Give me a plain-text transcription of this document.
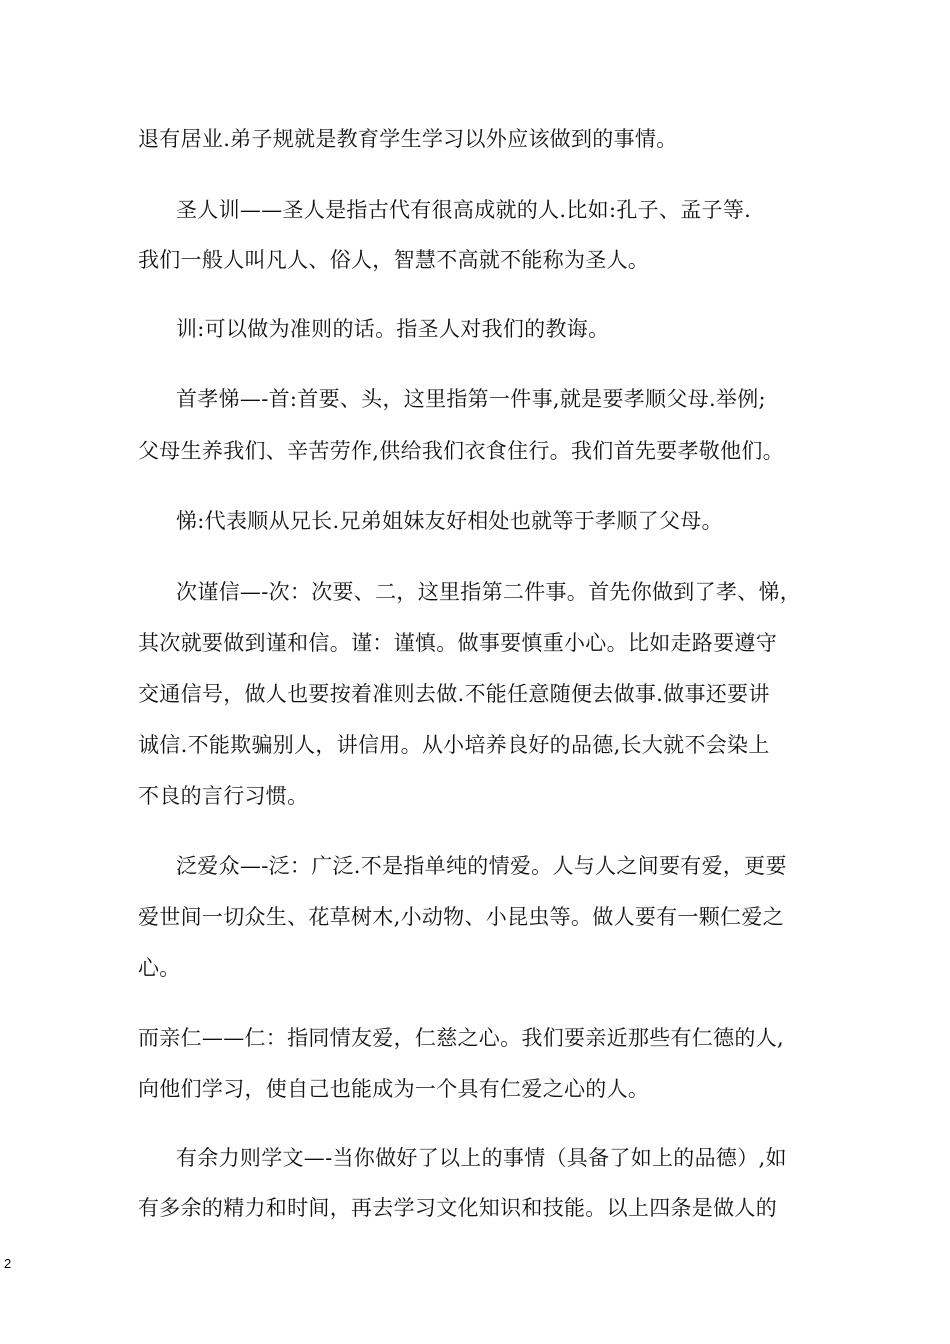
退有居业.弟子规就是教育学生学习以外应该做到的事情。
圣人训——圣人是指古代有很高成就的人.比如:孔子、孟子等.
我们一般人叫凡人、俗人，智慧不高就不能称为圣人。
训:可以做为准则的话。指圣人对我们的教诲。
首孝悌—-首:首要、头，这里指第一件事,就是要孝顺父母.举例;
父母生养我们、辛苦劳作,供给我们衣食住行。我们首先要孝敬他们。
悌:代表顺从兄长.兄弟姐妹友好相处也就等于孝顺了父母。
次谨信—-次：次要、二，这里指第二件事。首先你做到了孝、悌，
其次就要做到谨和信。谨：谨慎。做事要慎重小心。比如走路要遵守
交通信号，做人也要按着准则去做.不能任意随便去做事.做事还要讲
诚信.不能欺骗别人，讲信用。从小培养良好的品德,长大就不会染上
不良的言行习惯。
泛爱众—-泛：广泛.不是指单纯的情爱。人与人之间要有爱，更要
爱世间一切众生、花草树木,小动物、小昆虫等。做人要有一颗仁爱之
心。
而亲仁——仁：指同情友爱，仁慈之心。我们要亲近那些有仁德的人,
向他们学习，使自己也能成为一个具有仁爱之心的人。
有余力则学文—-当你做好了以上的事情（具备了如上的品德）,如
有多余的精力和时间，再去学习文化知识和技能。以上四条是做人的
2
